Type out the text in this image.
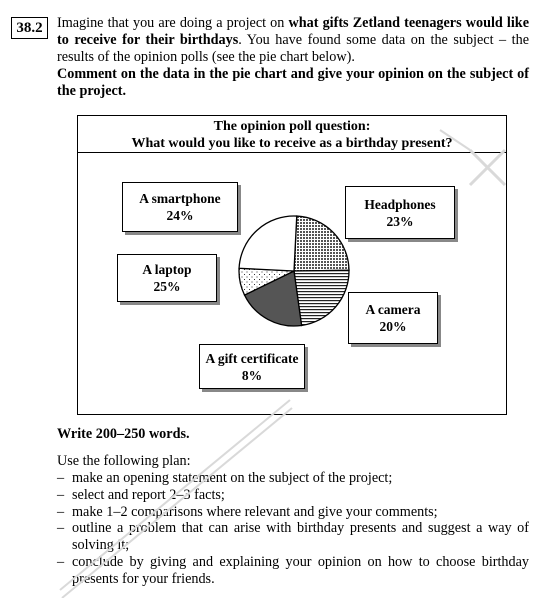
38.2	Imagine that you are doing a project on what gifts Zetland teenagers would like to receive for their birthdays. You have found some data on the subject – the results of the opinion polls (see the pie chart below).

Comment on the data in the pie chart and give your opinion on the subject of the project.

The opinion poll question:
What would you like to receive as a birthday present?
A smartphone
24%
Headphones
23%
A laptop
25%
A camera
20%
A gift certificate
8%
Write 200–250 words.
Use the following plan:
– make an opening statement on the subject of the project;
– select and report 2–3 facts;
– make 1–2 comparisons where relevant and give your comments;
– outline a problem that can arise with birthday presents and suggest a way of solving it;
– conclude by giving and explaining your opinion on how to choose birthday presents for your friends.
